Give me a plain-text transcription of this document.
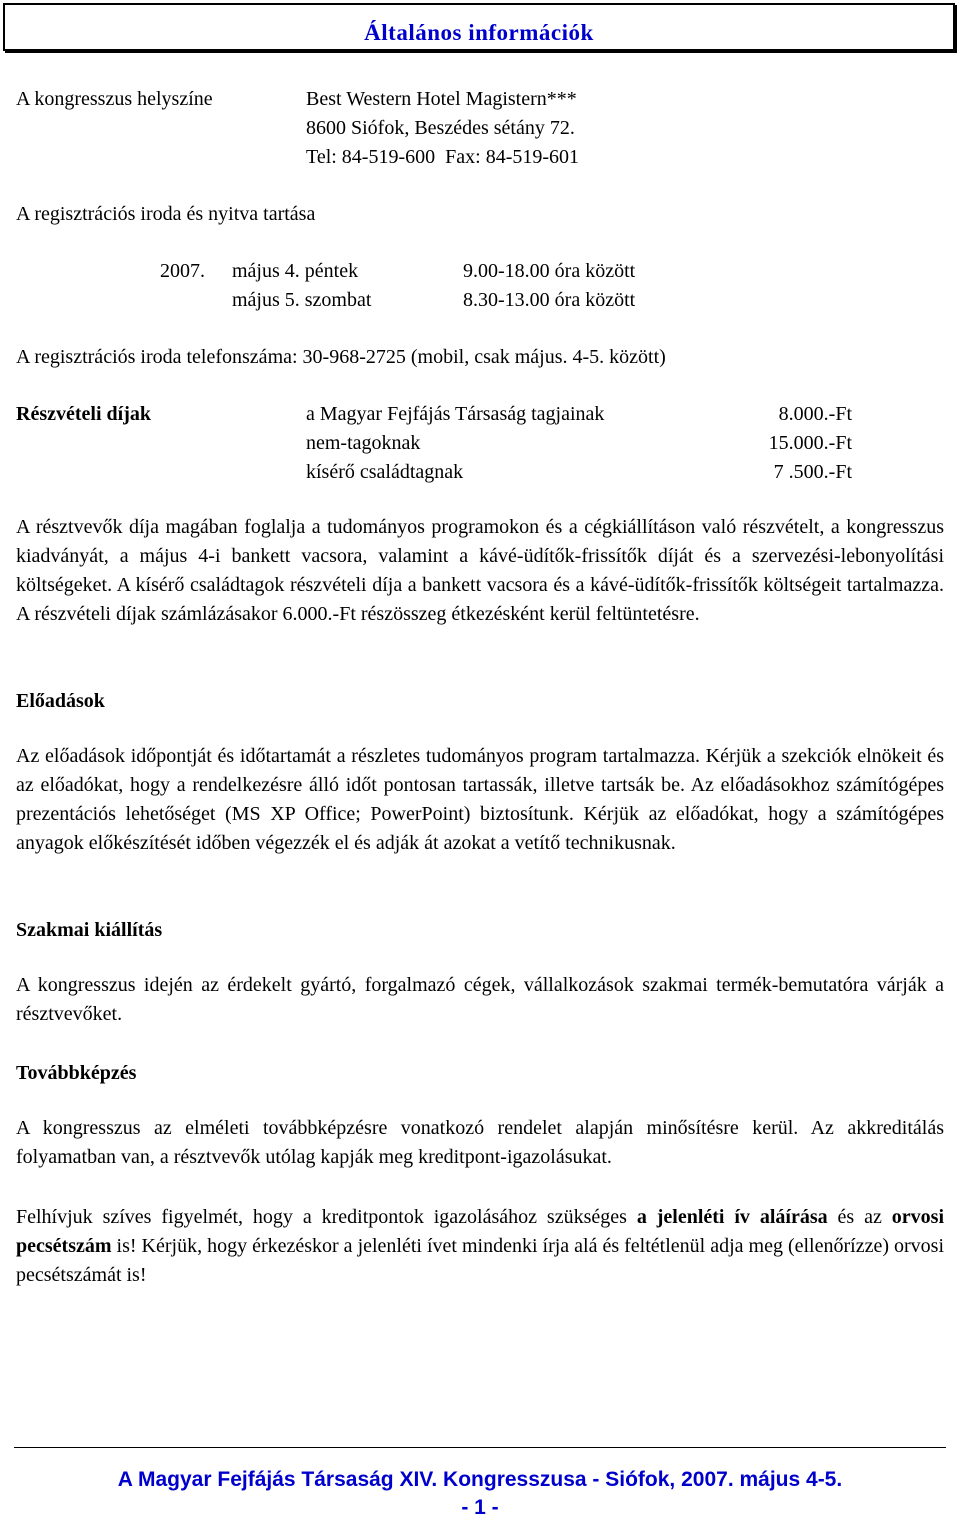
Általános információk
A kongresszus helyszíne	Best Western Hotel Magistern***
8600 Siófok, Beszédes sétány 72.
Tel: 84-519-600  Fax: 84-519-601
A regisztrációs iroda és nyitva tartása
2007. május 4. péntek	9.00-18.00 óra között
május 5. szombat	8.30-13.00 óra között
A regisztrációs iroda telefonszáma: 30-968-2725 (mobil, csak május. 4-5. között)
Részvételi díjak	a Magyar Fejfájás Társaság tagjainak	8.000.-Ft
nem-tagoknak	15.000.-Ft
kísérő családtagnak	7 .500.-Ft
A résztvevők díja magában foglalja a tudományos programokon és a cégkiállításon való részvételt, a kongresszus kiadványát, a május 4-i bankett vacsora, valamint a kávé-üdítők-frissítők díját és a szervezési-lebonyolítási költségeket. A kísérő családtagok részvételi díja a bankett vacsora és a kávé-üdítők-frissítők költségeit tartalmazza. A részvételi díjak számlázásakor 6.000.-Ft részösszeg étkezésként kerül feltüntetésre.
Előadások
Az előadások időpontját és időtartamát a részletes tudományos program tartalmazza. Kérjük a szekciók elnökeit és az előadókat, hogy a rendelkezésre álló időt pontosan tartassák, illetve tartsák be. Az előadásokhoz számítógépes prezentációs lehetőséget (MS XP Office; PowerPoint) biztosítunk. Kérjük az előadókat, hogy a számítógépes anyagok előkészítését időben végezzék el és adják át azokat a vetítő technikusnak.
Szakmai kiállítás
A kongresszus idején az érdekelt gyártó, forgalmazó cégek, vállalkozások szakmai termék-bemutatóra várják a résztvevőket.
Továbbképzés
A kongresszus az elméleti továbbképzésre vonatkozó rendelet alapján minősítésre kerül. Az akkreditálás folyamatban van, a résztvevők utólag kapják meg kreditpont-igazolásukat.
Felhívjuk szíves figyelmét, hogy a kreditpontok igazolásához szükséges a jelenléti ív aláírása és az orvosi pecsétszám is! Kérjük, hogy érkezéskor a jelenléti ívet mindenki írja alá és feltétlenül adja meg (ellenőrízze) orvosi pecsétszámát is!
A Magyar Fejfájás Társaság XIV. Kongresszusa - Siófok, 2007. május 4-5.
- 1 -
